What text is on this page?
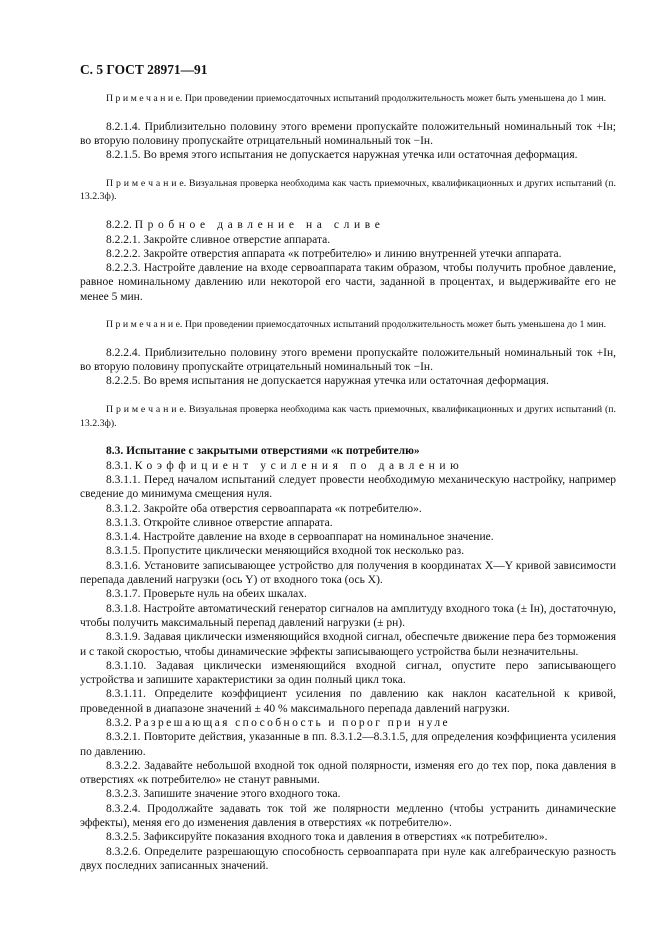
С. 5 ГОСТ 28971—91

П р и м е ч а н и е. При проведении приемосдаточных испытаний продолжительность может быть уменьшена до 1 мин.

8.2.1.4. Приблизительно половину этого времени пропускайте положительный номинальный ток +Iн; во вторую половину пропускайте отрицательный номинальный ток −Iн.

8.2.1.5. Во время этого испытания не допускается наружная утечка или остаточная деформация.

П р и м е ч а н и е. Визуальная проверка необходима как часть приемочных, квалификационных и других испытаний (п. 13.2.3ф).

8.2.2. Пробное давление на сливе

8.2.2.1. Закройте сливное отверстие аппарата.

8.2.2.2. Закройте отверстия аппарата «к потребителю» и линию внутренней утечки аппарата.

8.2.2.3. Настройте давление на входе сервоаппарата таким образом, чтобы получить пробное давление, равное номинальному давлению или некоторой его части, заданной в процентах, и выдерживайте его не менее 5 мин.

П р и м е ч а н и е. При проведении приемосдаточных испытаний продолжительность может быть уменьшена до 1 мин.

8.2.2.4. Приблизительно половину этого времени пропускайте положительный номинальный ток +Iн, во вторую половину пропускайте отрицательный номинальный ток −Iн.

8.2.2.5. Во время испытания не допускается наружная утечка или остаточная деформация.

П р и м е ч а н и е. Визуальная проверка необходима как часть приемочных, квалификационных и других испытаний (п. 13.2.3ф).

8.3. Испытание с закрытыми отверстиями «к потребителю»

8.3.1. Коэффициент усиления по давлению

8.3.1.1. Перед началом испытаний следует провести необходимую механическую настройку, например сведение до минимума смещения нуля.

8.3.1.2. Закройте оба отверстия сервоаппарата «к потребителю».

8.3.1.3. Откройте сливное отверстие аппарата.

8.3.1.4. Настройте давление на входе в сервоаппарат на номинальное значение.

8.3.1.5. Пропустите циклически меняющийся входной ток несколько раз.

8.3.1.6. Установите записывающее устройство для получения в координатах X—Y кривой зависимости перепада давлений нагрузки (ось Y) от входного тока (ось X).

8.3.1.7. Проверьте нуль на обеих шкалах.

8.3.1.8. Настройте автоматический генератор сигналов на амплитуду входного тока (± Iн), достаточную, чтобы получить максимальный перепад давлений нагрузки (± pн).

8.3.1.9. Задавая циклически изменяющийся входной сигнал, обеспечьте движение пера без торможения и с такой скоростью, чтобы динамические эффекты записывающего устройства были незначительны.

8.3.1.10. Задавая циклически изменяющийся входной сигнал, опустите перо записывающего устройства и запишите характеристики за один полный цикл тока.

8.3.1.11. Определите коэффициент усиления по давлению как наклон касательной к кривой, проведенной в диапазоне значений ± 40 % максимального перепада давлений нагрузки.

8.3.2. Разрешающая способность и порог при нуле

8.3.2.1. Повторите действия, указанные в пп. 8.3.1.2—8.3.1.5, для определения коэффициента усиления по давлению.

8.3.2.2. Задавайте небольшой входной ток одной полярности, изменяя его до тех пор, пока давления в отверстиях «к потребителю» не станут равными.

8.3.2.3. Запишите значение этого входного тока.

8.3.2.4. Продолжайте задавать ток той же полярности медленно (чтобы устранить динамические эффекты), меняя его до изменения давления в отверстиях «к потребителю».

8.3.2.5. Зафиксируйте показания входного тока и давления в отверстиях «к потребителю».

8.3.2.6. Определите разрешающую способность сервоаппарата при нуле как алгебраическую разность двух последних записанных значений.
